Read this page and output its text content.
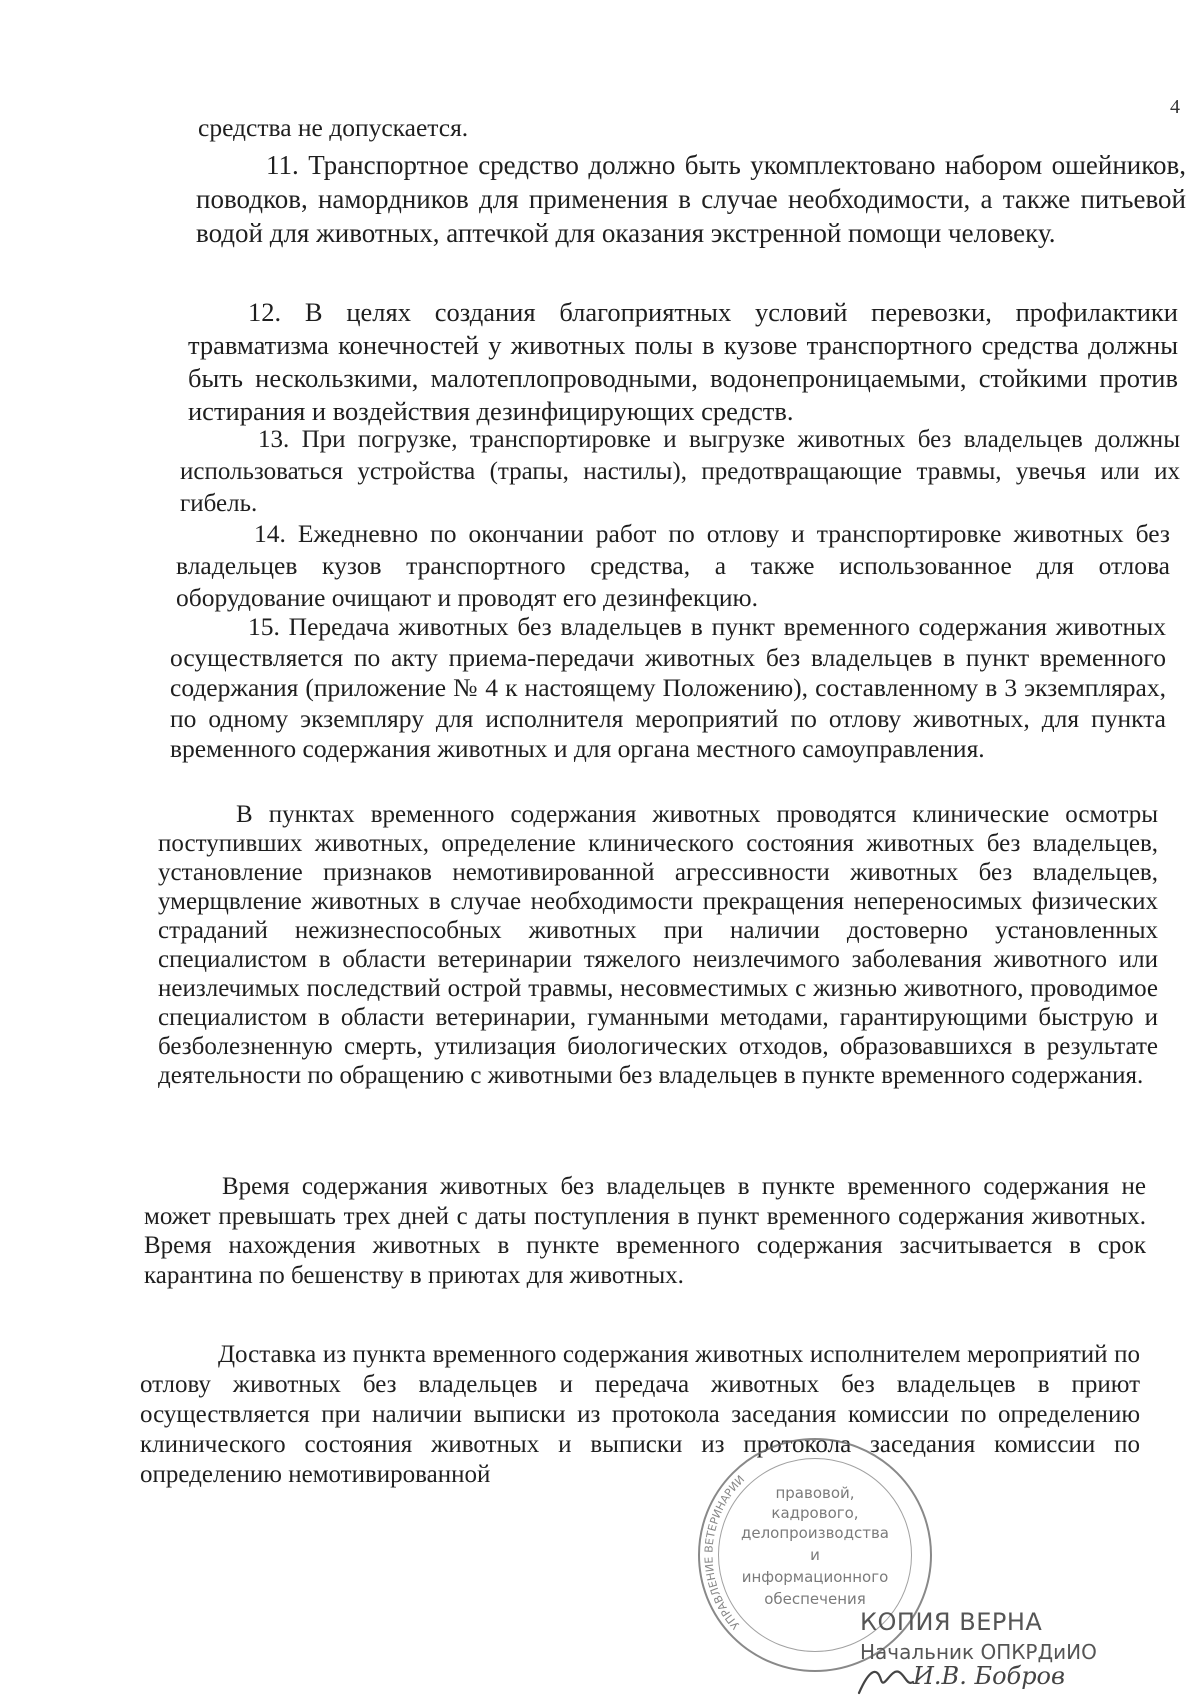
4

средства не допускается.

11. Транспортное средство должно быть укомплектовано набором ошейников, поводков, намордников для применения в случае необходимости, а также питьевой водой для животных, аптечкой для оказания экстренной помощи человеку.

12. В целях создания благоприятных условий перевозки, профилактики травматизма конечностей у животных полы в кузове транспортного средства должны быть нескользкими, малотеплопроводными, водонепроницаемыми, стойкими против истирания и воздействия дезинфицирующих средств.

13. При погрузке, транспортировке и выгрузке животных без владельцев должны использоваться устройства (трапы, настилы), предотвращающие травмы, увечья или их гибель.

14. Ежедневно по окончании работ по отлову и транспортировке животных без владельцев кузов транспортного средства, а также использованное для отлова оборудование очищают и проводят его дезинфекцию.

15. Передача животных без владельцев в пункт временного содержания животных осуществляется по акту приема-передачи животных без владельцев в пункт временного содержания (приложение № 4 к настоящему Положению), составленному в 3 экземплярах, по одному экземпляру для исполнителя мероприятий по отлову животных, для пункта временного содержания животных и для органа местного самоуправления.

В пунктах временного содержания животных проводятся клинические осмотры поступивших животных, определение клинического состояния животных без владельцев, установление признаков немотивированной агрессивности животных без владельцев, умерщвление животных в случае необходимости прекращения непереносимых физических страданий нежизнеспособных животных при наличии достоверно установленных специалистом в области ветеринарии тяжелого неизлечимого заболевания животного или неизлечимых последствий острой травмы, несовместимых с жизнью животного, проводимое специалистом в области ветеринарии, гуманными методами, гарантирующими быструю и безболезненную смерть, утилизация биологических отходов, образовавшихся в результате деятельности по обращению с животными без владельцев в пункте временного содержания.

Время содержания животных без владельцев в пункте временного содержания не может превышать трех дней с даты поступления в пункт временного содержания животных. Время нахождения животных в пункте временного содержания засчитывается в срок карантина по бешенству в приютах для животных.

Доставка из пункта временного содержания животных исполнителем мероприятий по отлову животных без владельцев и передача животных без владельцев в приют осуществляется при наличии выписки из протокола заседания комиссии по определению клинического состояния животных и выписки из протокола заседания комиссии по определению немотивированной

УПРАВЛЕНИЕ ВЕТЕРИНАРИИ
правовой,
кадрового,
делопроизводства
и
информационного
обеспечения
КОПИЯ ВЕРНА
Начальник ОПКРДиИО
И.В. Бобров
